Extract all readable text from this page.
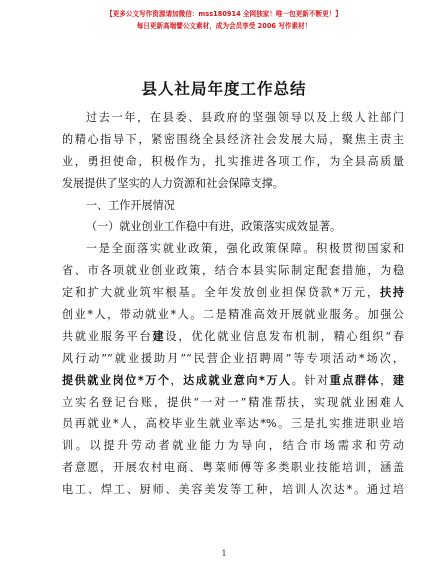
【更多公文写作资源请加微信：mss180914 全网独家！唯一包更新不断更！】
每日更新高端譬公文素材，成为会员享受 2006 写作素材！
县人社局年度工作总结
过去一年，在县委、县政府的坚强领导以及上级人社部门
的精心指导下，紧密围绕全县经济社会发展大局，聚焦主责主
业，勇担使命，积极作为，扎实推进各项工作，为全县高质量
发展提供了坚实的人力资源和社会保障支撑。
一、工作开展情况
（一）就业创业工作稳中有进，政策落实成效显著。
一是全面落实就业政策，强化政策保障。积极贯彻国家和
省、市各项就业创业政策，结合本县实际制定配套措施，为稳
定和扩大就业筑牢根基。全年发放创业担保贷款*万元，扶持
创业*人，带动就业*人。二是精准高效开展就业服务。加强公
共就业服务平台建设，优化就业信息发布机制，精心组织“春
风行动”“就业援助月”“民营企业招聘周”等专项活动*场次，
提供就业岗位*万个，达成就业意向*万人。针对重点群体，建
立实名登记台账，提供“一对一”精准帮扶，实现就业困难人
员再就业*人，高校毕业生就业率达*%。三是扎实推进职业培
训。以提升劳动者就业能力为导向，结合市场需求和劳动
者意愿，开展农村电商、粤菜师傅等多类职业技能培训，涵盖
电工、焊工、厨师、美容美发等工种，培训人次达*。通过培
1
